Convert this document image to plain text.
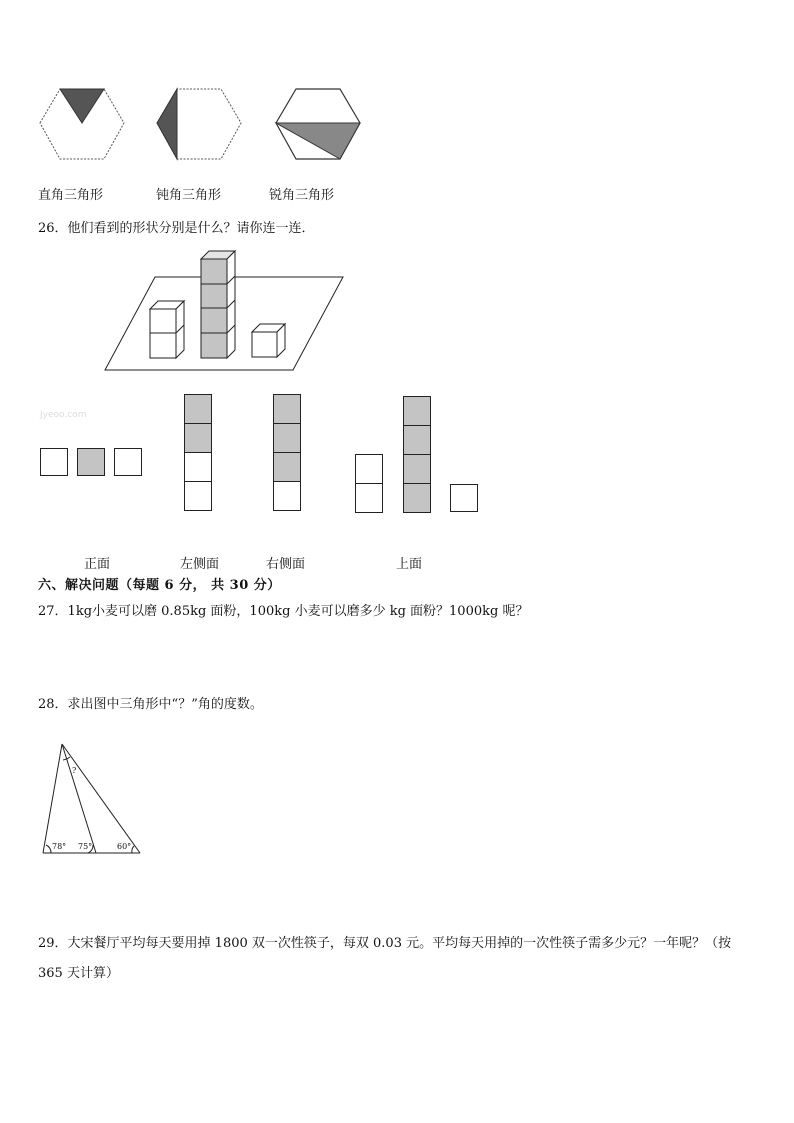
直角三角形	钝角三角形	锐角三角形
26．他们看到的形状分别是什么？请你连一连．
Jyeoo.com
正面	左侧面	右侧面	上面
六、解决问题（每题 6 分， 共 30 分）
27．1kg小麦可以磨 0.85kg 面粉，100kg 小麦可以磨多少 kg 面粉？1000kg 呢？
28．求出图中三角形中“？”角的度数。
?
78° 75°	60°
29．大宋餐厅平均每天要用掉 1800 双一次性筷子，每双 0.03 元。平均每天用掉的一次性筷子需多少元？一年呢？（按
365 天计算）
